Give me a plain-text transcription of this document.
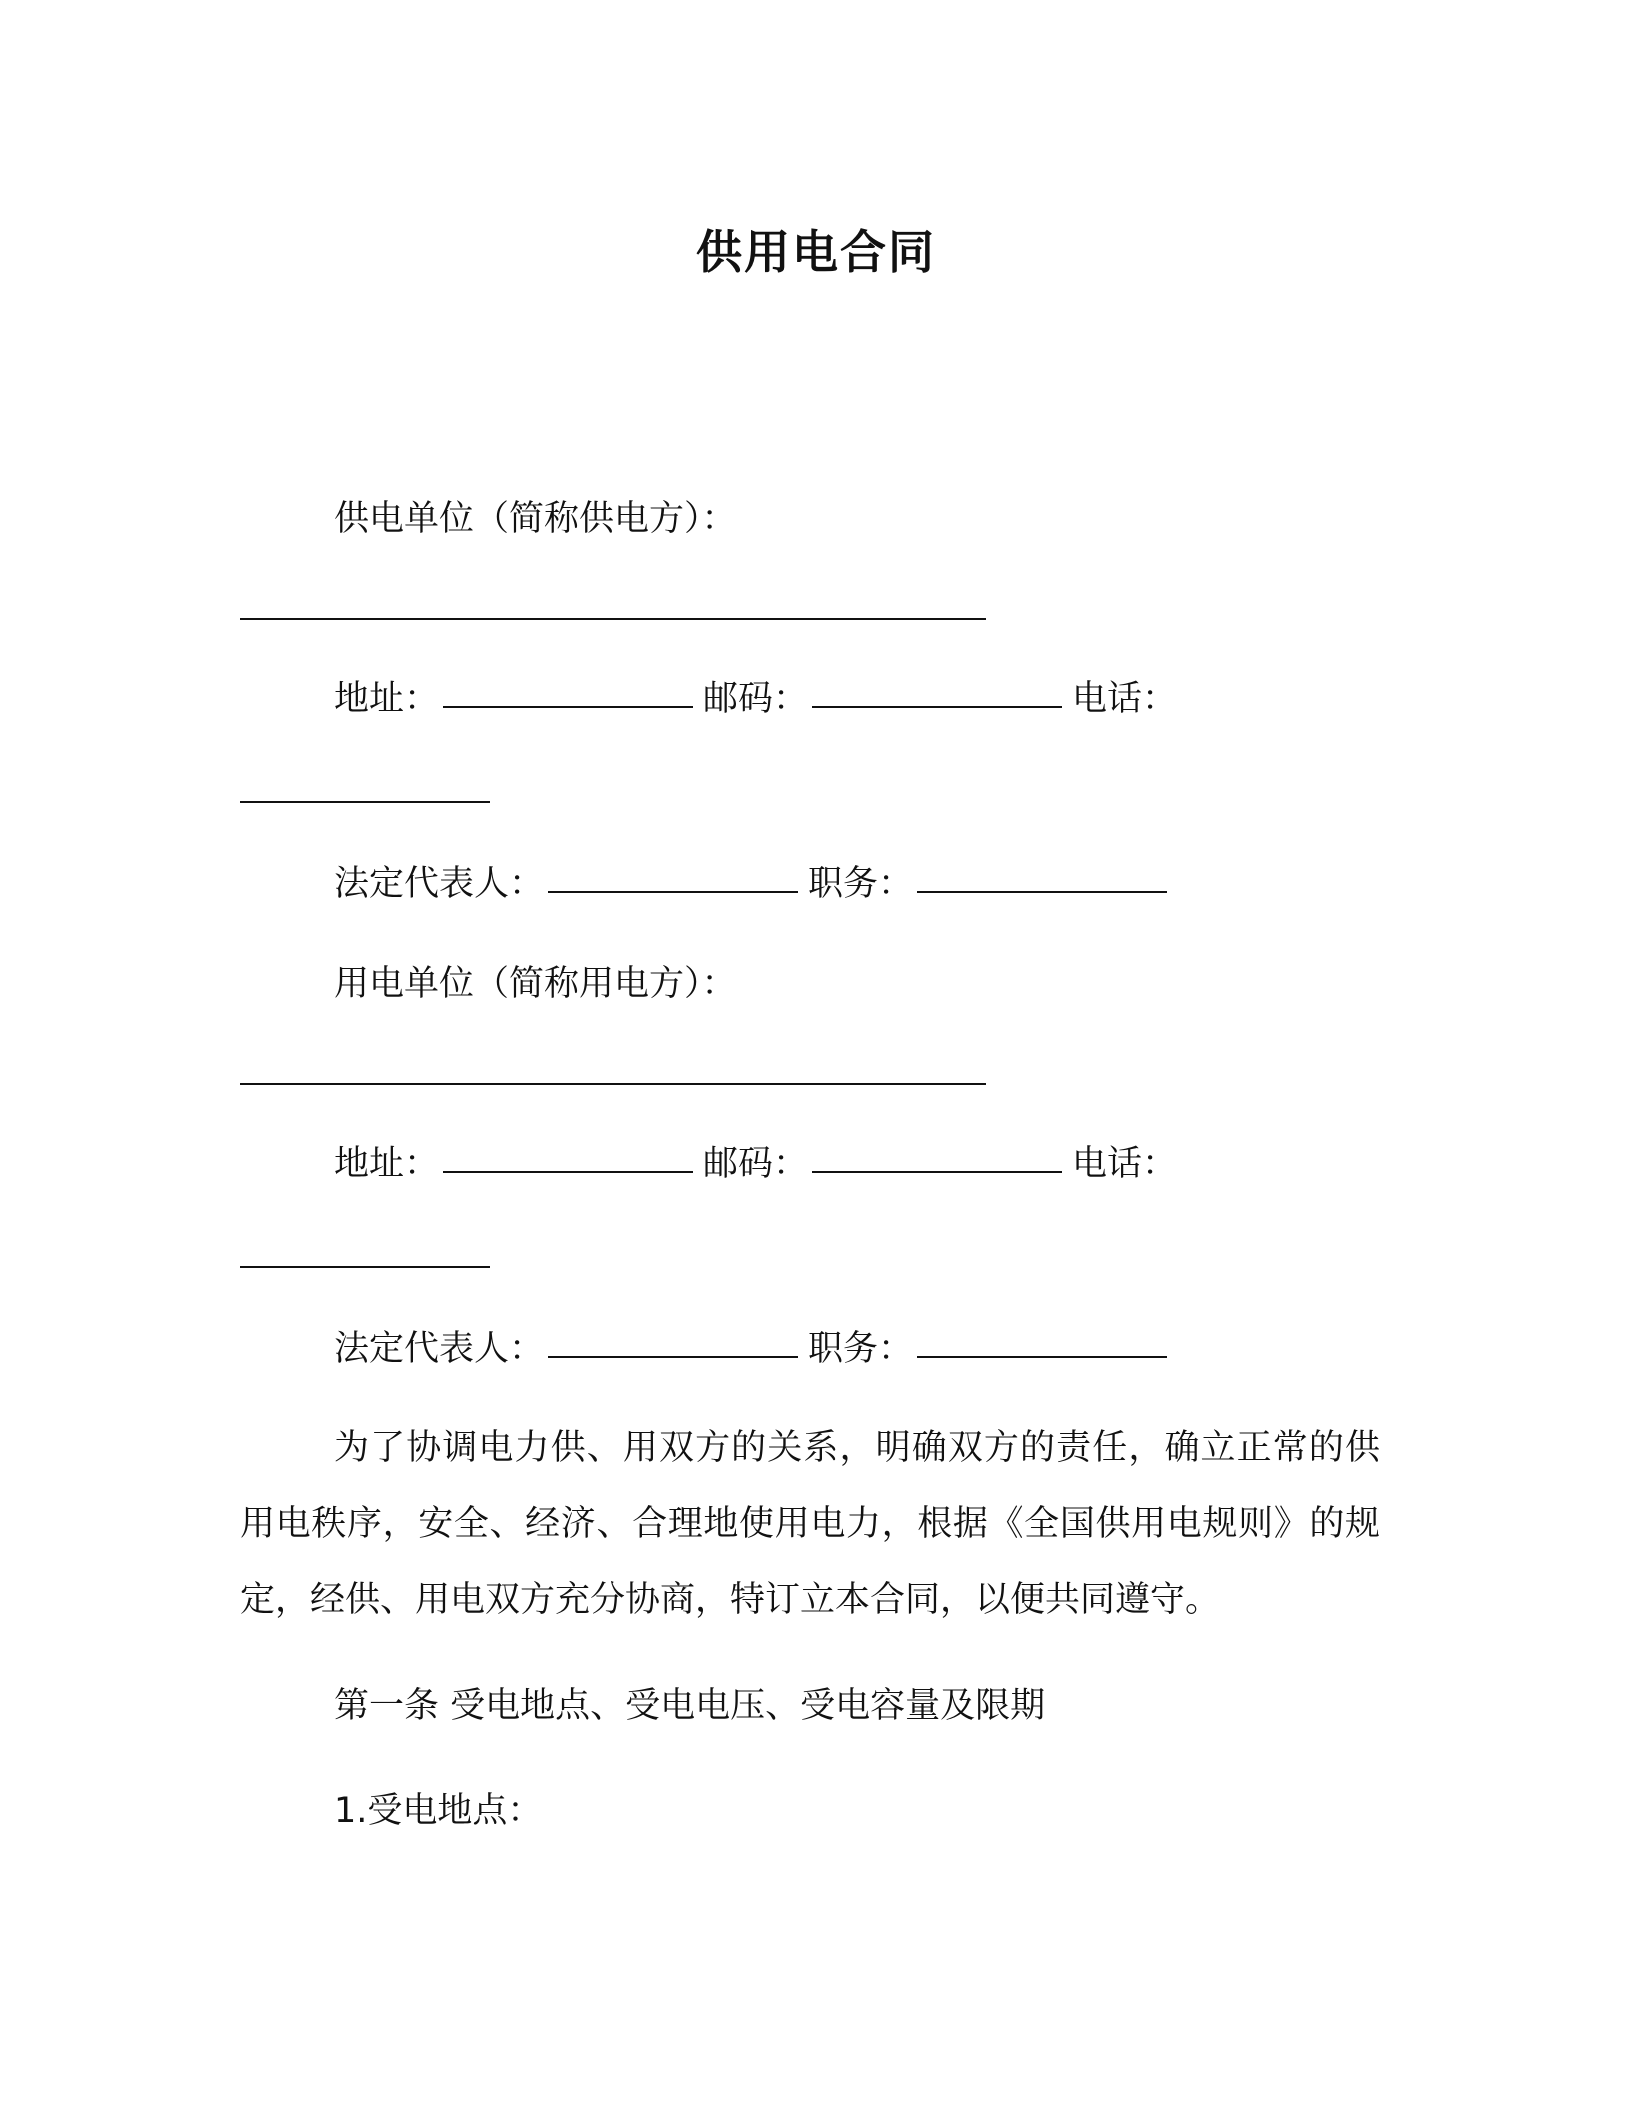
供用电合同
供电单位（简称供电方）：
地址：	邮码：	电话：
法定代表人：	职务：
用电单位（简称用电方）：
地址：	邮码：	电话：
法定代表人：	职务：
为了协调电力供、用双方的关系，明确双方的责任，确立正常的供用电秩序，安全、经济、合理地使用电力，根据《全国供用电规则》的规定，经供、用电双方充分协商，特订立本合同，以便共同遵守。
第一条 受电地点、受电电压、受电容量及限期
1.受电地点：
